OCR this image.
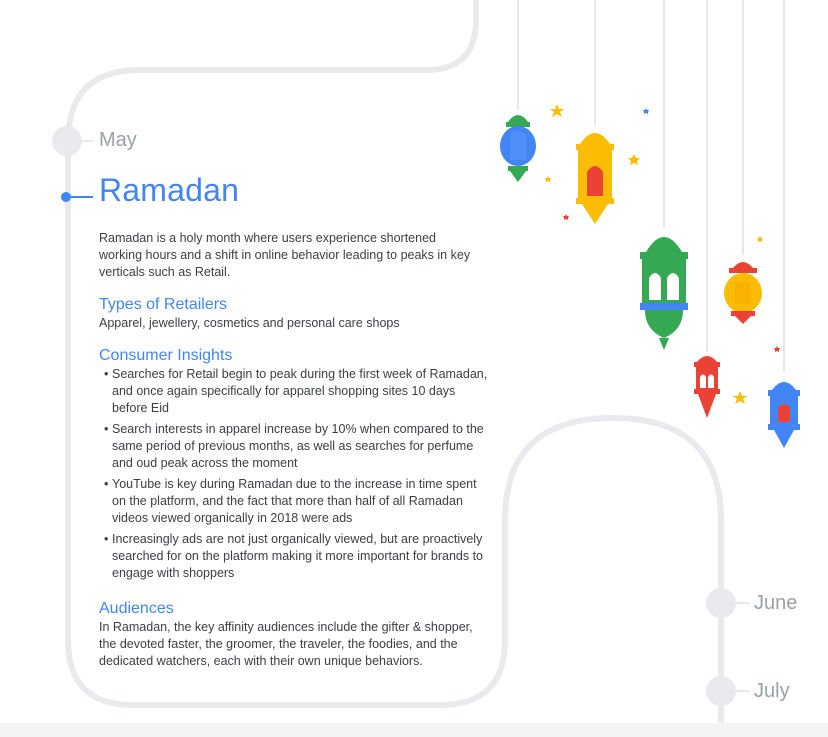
May
June
July
Ramadan
Ramadan is a holy month where users experience shortened working hours and a shift in online behavior leading to peaks in key verticals such as Retail.
Types of Retailers
Apparel, jewellery, cosmetics and personal care shops
Consumer Insights
• Searches for Retail begin to peak during the first week of Ramadan, and once again specifically for apparel shopping sites 10 days before Eid
• Search interests in apparel increase by 10% when compared to the same period of previous months, as well as searches for perfume and oud peak across the moment
• YouTube is key during Ramadan due to the increase in time spent on the platform, and the fact that more than half of all Ramadan videos viewed organically in 2018 were ads
• Increasingly ads are not just organically viewed, but are proactively searched for on the platform making it more important for brands to engage with shoppers
Audiences
In Ramadan, the key affinity audiences include the gifter & shopper, the devoted faster, the groomer, the traveler, the foodies, and the dedicated watchers, each with their own unique behaviors.
